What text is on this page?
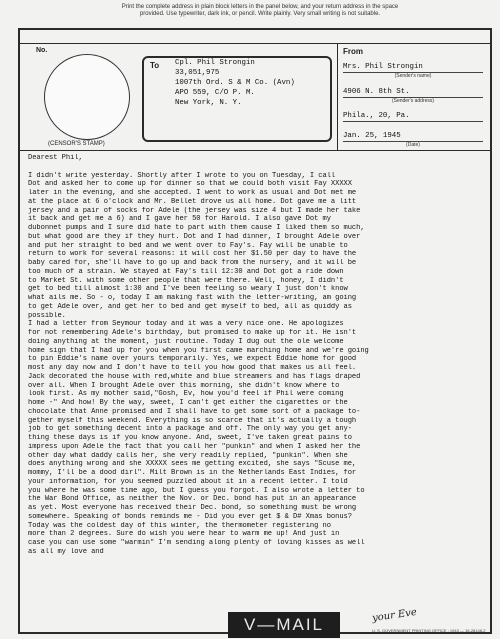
Print the complete address in plain block letters in the panel below, and your return address in the space
provided. Use typewriter, dark ink, or pencil. Write plainly. Very small writing is not suitable.
No.
(CENSOR'S STAMP)
To Cpl. Phil Strongin
33,051,975
1007th Ord. S & M Co. (Avn)
APO 559, C/O P. M.
New York, N. Y.
From
Mrs. Phil Strongin
(Sender's name)
4906 N. 8th St.
(Sender's address)
Phila., 20, Pa.
Jan. 25, 1945
(Date)
Dearest Phil,
I didn't write yesterday. Shortly after I wrote to you on Tuesday, I call
Dot and asked her to come up for dinner so that we could both visit Fay XXXXX
later in the evening, and she accepted. I went to work as usual and Dot met me
at the place at 6 o'clock and Mr. Bellet drove us all home. Dot gave me a litt
jersey and a pair of socks for Adele (the jersey was size 4 but I made her take
it back and get me a 6) and I gave her 50 for Harold. I also gave Dot my
dubonnet pumps and I sure did hate to part with them cause I liked them so much,
but what good are they if they hurt. Dot and I had dinner, I brought Adele over
and put her straight to bed and we went over to Fay's. Fay will be unable to
return to work for several reasons: it will cost her $1.50 per day to have the
baby cared for, she'll have to go up and back from the nursery, and it will be
too much of a strain. We stayed at Fay's till 12:30 and Dot got a ride down
to Market St. with some other people that were there. Well, honey, I didn't
get to bed till almost 1:30 and I've been feeling so weary I just don't know
what ails me. So - o, today I am making fast with the letter-writing, am going
to get Adele over, and get her to bed and get myself to bed, all as quiddy as
possible.
I had a letter from Seymour today and it was a very nice one. He apologizes
for not remembering Adele's birthday, but promised to make up for it. He isn't
doing anything at the moment, just routine. Today I dug out the ole welcome
home sign that I had up for you when you first came marching home and we're going
to pin Eddie's name over yours temporarily. Yes, we expect Eddie home for good
most any day now and I don't have to tell you how good that makes us all feel.
Jack decorated the house with red,white and blue streamers and has flags draped
over all. When I brought Adele over this morning, she didn't know where to
look first. As my mother said,"Gosh, Ev, how you'd feel if Phil were coming
home -" And how! By the way, sweet, I can't get either the cigarettes or the
chocolate that Anne promised and I shall have to get some sort of a package to-
gether myself this weekend. Everything is so scarce that it's actually a tough
job to get something decent into a package and off. The only way you get any-
thing these days is if you know anyone. And, sweet, I've taken great pains to
impress upon Adele the fact that you call her "punkin" and when I asked her the
other day what daddy calls her, she very readily replied, "punkin". When she
does anything wrong and she XXXXX sees me getting excited, she says "Scuse me,
mommy, I'll be a dood dirl". Milt Brown is in the Netherlands East Indies, for
your information, for you seemed puzzled about it in a recent letter. I told
you where he was some time ago, but I guess you forgot. I also wrote a letter to
the War Bond Office, as neither the Nov. or Dec. bond has put in an appearance
as yet. Most everyone has received their Dec. bond, so something must be wrong
somewhere. Speaking of bonds reminds me - Did you ever get $ & D# Xmas bonus?
Today was the coldest day of this winter, the thermometer registering no
more than 2 degrees. Sure do wish you were hear to warm me up! And just in
case you can use some "warmin" I'm sending along plenty of loving kisses as well
as all my love and
V—MAIL	your Eve
U. S. GOVERNMENT PRINTING OFFICE : 1943 — 16-28148-2
